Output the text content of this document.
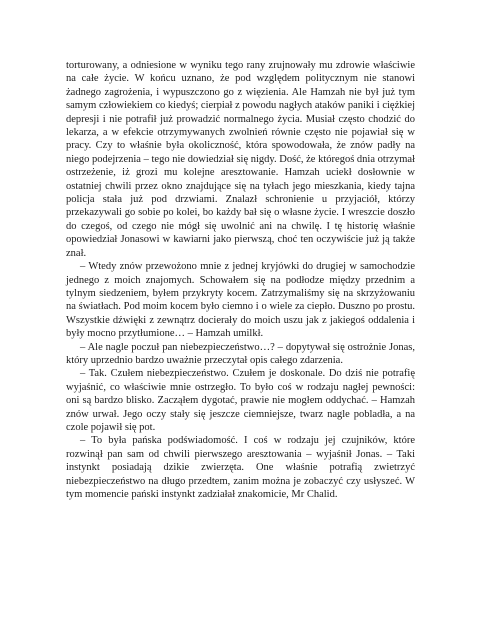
torturowany, a odniesione w wyniku tego rany zrujnowały mu zdrowie właściwie na całe życie. W końcu uznano, że pod względem politycznym nie stanowi żadnego zagrożenia, i wypuszczono go z więzienia. Ale Hamzah nie był już tym samym człowiekiem co kiedyś; cierpiał z powodu nagłych ataków paniki i ciężkiej depresji i nie potrafił już prowadzić normalnego życia. Musiał często chodzić do lekarza, a w efekcie otrzymywanych zwolnień równie często nie pojawiał się w pracy. Czy to właśnie była okoliczność, która spowodowała, że znów padły na niego podejrzenia – tego nie dowiedział się nigdy. Dość, że któregoś dnia otrzymał ostrzeżenie, iż grozi mu kolejne aresztowanie. Hamzah uciekł dosłownie w ostatniej chwili przez okno znajdujące się na tyłach jego mieszkania, kiedy tajna policja stała już pod drzwiami. Znalazł schronienie u przyjaciół, którzy przekazywali go sobie po kolei, bo każdy bał się o własne życie. I wreszcie doszło do czegoś, od czego nie mógł się uwolnić ani na chwilę. I tę historię właśnie opowiedział Jonasowi w kawiarni jako pierwszą, choć ten oczywiście już ją także znał.

– Wtedy znów przewożono mnie z jednej kryjówki do drugiej w samochodzie jednego z moich znajomych. Schowałem się na podłodze między przednim a tylnym siedzeniem, byłem przykryty kocem. Zatrzymaliśmy się na skrzyżowaniu na światłach. Pod moim kocem było ciemno i o wiele za ciepło. Duszno po prostu. Wszystkie dźwięki z zewnątrz docierały do moich uszu jak z jakiegoś oddalenia i były mocno przytłumione… – Hamzah umilkł.

– Ale nagle poczuł pan niebezpieczeństwo…? – dopytywał się ostrożnie Jonas, który uprzednio bardzo uważnie przeczytał opis całego zdarzenia.

– Tak. Czułem niebezpieczeństwo. Czułem je doskonale. Do dziś nie potrafię wyjaśnić, co właściwie mnie ostrzegło. To było coś w rodzaju nagłej pewności: oni są bardzo blisko. Zacząłem dygotać, prawie nie mogłem oddychać. – Hamzah znów urwał. Jego oczy stały się jeszcze ciemniejsze, twarz nagle pobladła, a na czole pojawił się pot.

– To była pańska podświadomość. I coś w rodzaju jej czujników, które rozwinął pan sam od chwili pierwszego aresztowania – wyjaśnił Jonas. – Taki instynkt posiadają dzikie zwierzęta. One właśnie potrafią zwietrzyć niebezpieczeństwo na długo przedtem, zanim można je zobaczyć czy usłyszeć. W tym momencie pański instynkt zadziałał znakomicie, Mr Chalid.
